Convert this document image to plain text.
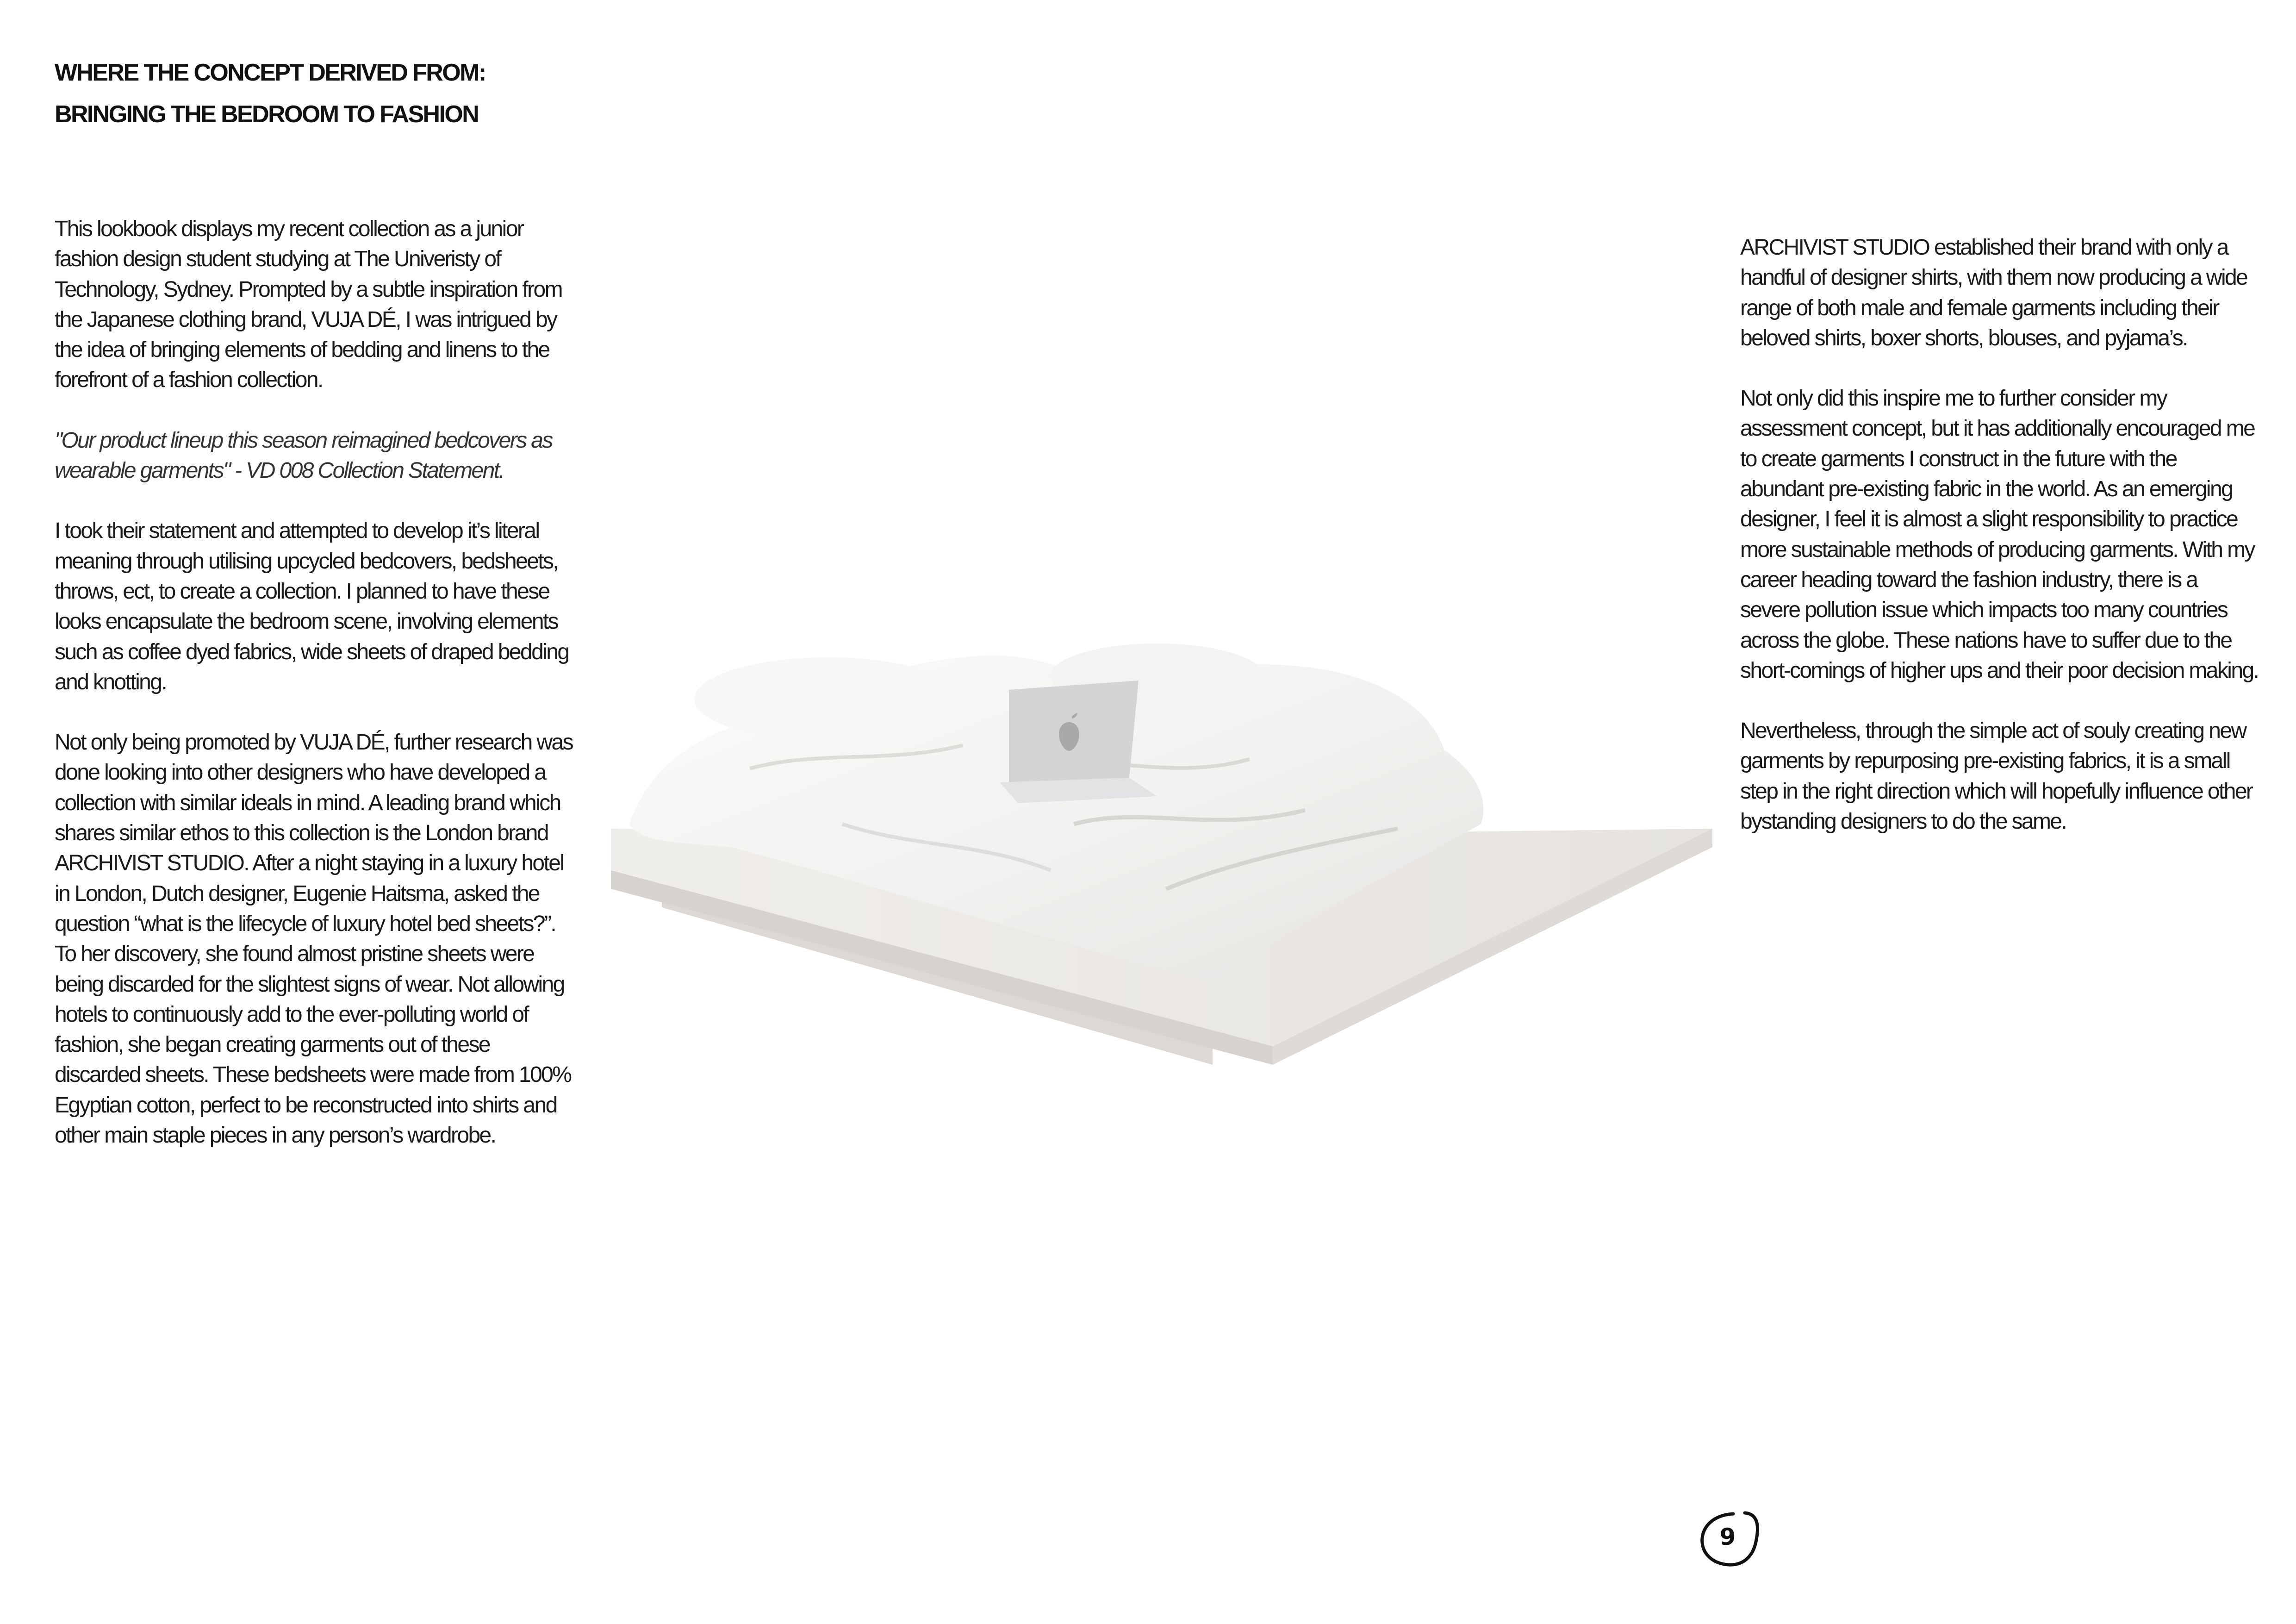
WHERE THE CONCEPT DERIVED FROM:
BRINGING THE BEDROOM TO FASHION

This lookbook displays my recent collection as a junior fashion design student studying at The Univeristy of Technology, Sydney. Prompted by a subtle inspiration from the Japanese clothing brand, VUJA DÉ, I was intrigued by the idea of bringing elements of bedding and linens to the forefront of a fashion collection.

"Our product lineup this season reimagined bedcovers as wearable garments" - VD 008 Collection Statement.

I took their statement and attempted to develop it’s literal meaning through utilising upcycled bedcovers, bedsheets, throws, ect, to create a collection. I planned to have these looks encapsulate the bedroom scene, involving elements such as coffee dyed fabrics, wide sheets of draped bedding and knotting.

Not only being promoted by VUJA DÉ, further research was done looking into other designers who have developed a collection with similar ideals in mind. A leading brand which shares similar ethos to this collection is the London brand ARCHIVIST STUDIO. After a night staying in a luxury hotel in London, Dutch designer, Eugenie Haitsma, asked the question “what is the lifecycle of luxury hotel bed sheets?”. To her discovery, she found almost pristine sheets were being discarded for the slightest signs of wear. Not allowing hotels to continuously add to the ever-polluting world of fashion, she began creating garments out of these discarded sheets. These bedsheets were made from 100% Egyptian cotton, perfect to be reconstructed into shirts and other main staple pieces in any person’s wardrobe.

ARCHIVIST STUDIO established their brand with only a handful of designer shirts, with them now producing a wide range of both male and female garments including their beloved shirts, boxer shorts, blouses, and pyjama’s.

Not only did this inspire me to further consider my assessment concept, but it has additionally encouraged me to create garments I construct in the future with the abundant pre-existing fabric in the world. As an emerging designer, I feel it is almost a slight responsibility to practice more sustainable methods of producing garments. With my career heading toward the fashion industry, there is a severe pollution issue which impacts too many countries across the globe. These nations have to suffer due to the short-comings of higher ups and their poor decision making.

Nevertheless, through the simple act of souly creating new garments by repurposing pre-existing fabrics, it is a small step in the right direction which will hopefully influence other bystanding designers to do the same.

9
